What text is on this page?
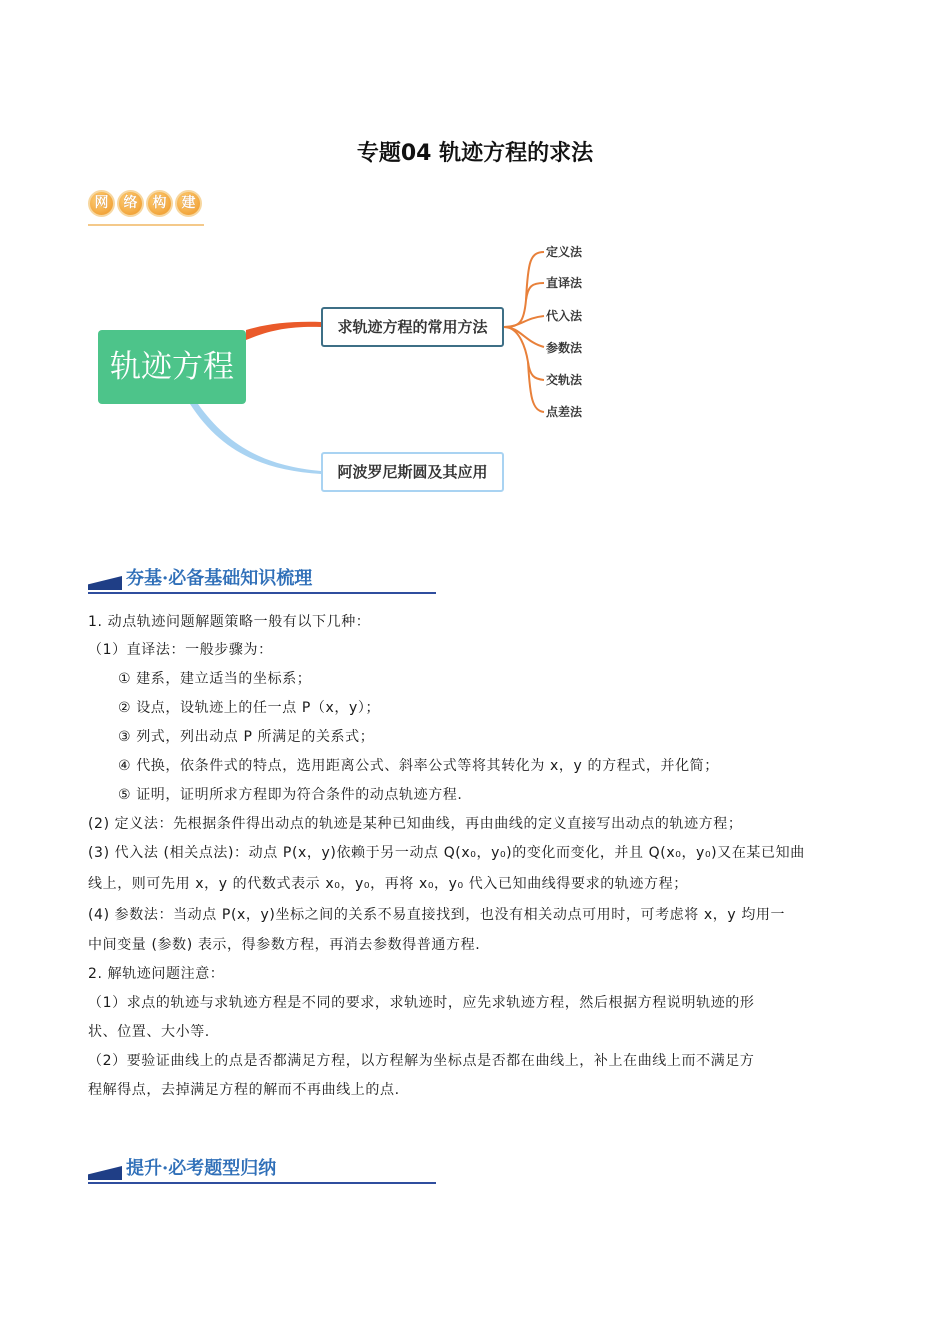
专题04 轨迹方程的求法
网	络	构	建
轨迹方程
求轨迹方程的常用方法
阿波罗尼斯圆及其应用
定义法
直译法
代入法
参数法
交轨法
点差法
夯基·必备基础知识梳理
1. 动点轨迹问题解题策略一般有以下几种：
（1）直译法：一般步骤为：
① 建系，建立适当的坐标系；
② 设点，设轨迹上的任一点 P（x，y）；
③ 列式，列出动点 P 所满足的关系式；
④ 代换，依条件式的特点，选用距离公式、斜率公式等将其转化为 x，y 的方程式，并化简；
⑤ 证明，证明所求方程即为符合条件的动点轨迹方程.
(2) 定义法：先根据条件得出动点的轨迹是某种已知曲线，再由曲线的定义直接写出动点的轨迹方程；
(3) 代入法 (相关点法)：动点 P(x，y)依赖于另一动点 Q(x₀，y₀)的变化而变化，并且 Q(x₀，y₀)又在某已知曲
线上，则可先用 x，y 的代数式表示 x₀，y₀，再将 x₀，y₀ 代入已知曲线得要求的轨迹方程；
(4) 参数法：当动点 P(x，y)坐标之间的关系不易直接找到，也没有相关动点可用时，可考虑将 x，y 均用一
中间变量 (参数) 表示，得参数方程，再消去参数得普通方程.
2. 解轨迹问题注意：
（1）求点的轨迹与求轨迹方程是不同的要求，求轨迹时，应先求轨迹方程，然后根据方程说明轨迹的形
状、位置、大小等.
（2）要验证曲线上的点是否都满足方程，以方程解为坐标点是否都在曲线上，补上在曲线上而不满足方
程解得点，去掉满足方程的解而不再曲线上的点.
提升·必考题型归纳
